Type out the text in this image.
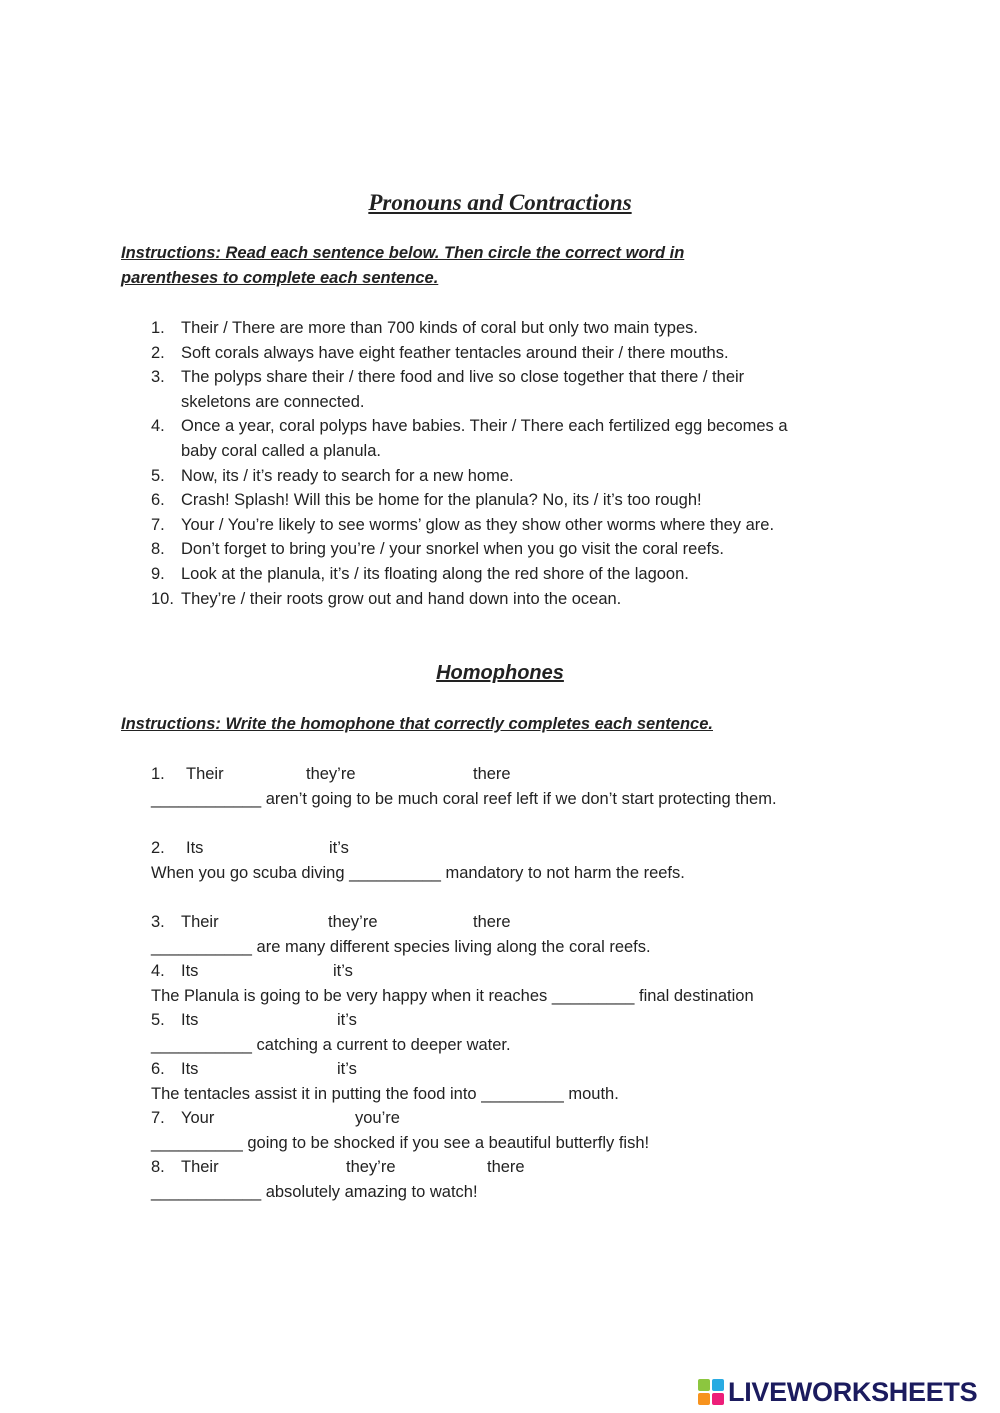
Pronouns and Contractions
Instructions: Read each sentence below. Then circle the correct word in
parentheses to complete each sentence.
1. Their / There are more than 700 kinds of coral but only two main types.
2. Soft corals always have eight feather tentacles around their / there mouths.
3. The polyps share their / there food and live so close together that there / their
skeletons are connected.
4. Once a year, coral polyps have babies. Their / There each fertilized egg becomes a
baby coral called a planula.
5. Now, its / it’s ready to search for a new home.
6. Crash! Splash! Will this be home for the planula? No, its / it’s too rough!
7. Your / You’re likely to see worms’ glow as they show other worms where they are.
8. Don’t forget to bring you’re / your snorkel when you go visit the coral reefs.
9. Look at the planula, it’s / its floating along the red shore of the lagoon.
10. They’re / their roots grow out and hand down into the ocean.
Homophones
Instructions: Write the homophone that correctly completes each sentence.
1. Their	they’re	there
____________ aren’t going to be much coral reef left if we don’t start protecting them.
2. Its	it’s
When you go scuba diving __________ mandatory to not harm the reefs.
3. Their	they’re	there
___________ are many different species living along the coral reefs.
4. Its	it’s
The Planula is going to be very happy when it reaches _________ final destination
5. Its	it’s
___________ catching a current to deeper water.
6. Its	it’s
The tentacles assist it in putting the food into _________ mouth.
7. Your	you’re
__________ going to be shocked if you see a beautiful butterfly fish!
8. Their	they’re	there
____________ absolutely amazing to watch!
LIVEWORKSHEETS
